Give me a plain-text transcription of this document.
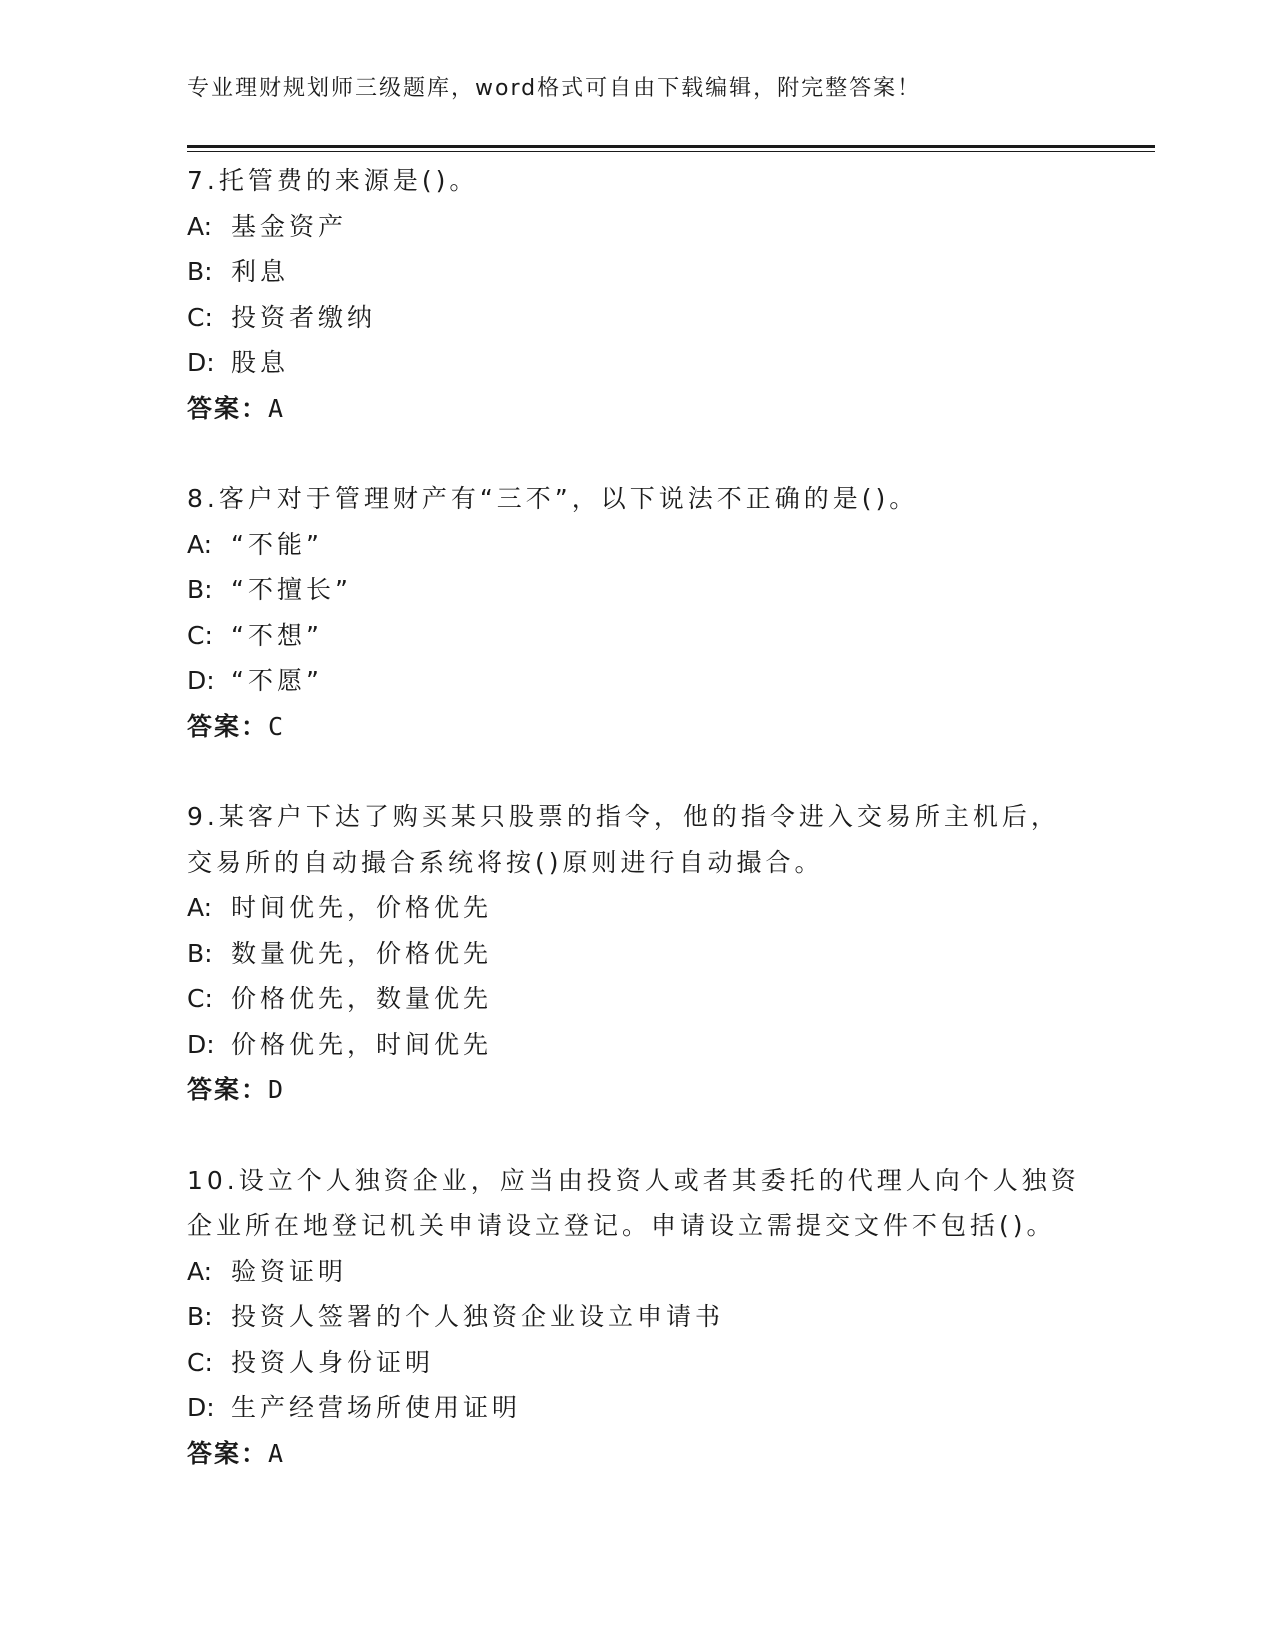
专业理财规划师三级题库，word格式可自由下载编辑，附完整答案！
7.托管费的来源是()。
A: 基金资产
B: 利息
C: 投资者缴纳
D: 股息
答案：A
8.客户对于管理财产有“三不”，以下说法不正确的是()。
A: “不能”
B: “不擅长”
C: “不想”
D: “不愿”
答案：C
9.某客户下达了购买某只股票的指令，他的指令进入交易所主机后，
交易所的自动撮合系统将按()原则进行自动撮合。
A: 时间优先，价格优先
B: 数量优先，价格优先
C: 价格优先，数量优先
D: 价格优先，时间优先
答案：D
10.设立个人独资企业，应当由投资人或者其委托的代理人向个人独资
企业所在地登记机关申请设立登记。申请设立需提交文件不包括()。
A: 验资证明
B: 投资人签署的个人独资企业设立申请书
C: 投资人身份证明
D: 生产经营场所使用证明
答案：A
